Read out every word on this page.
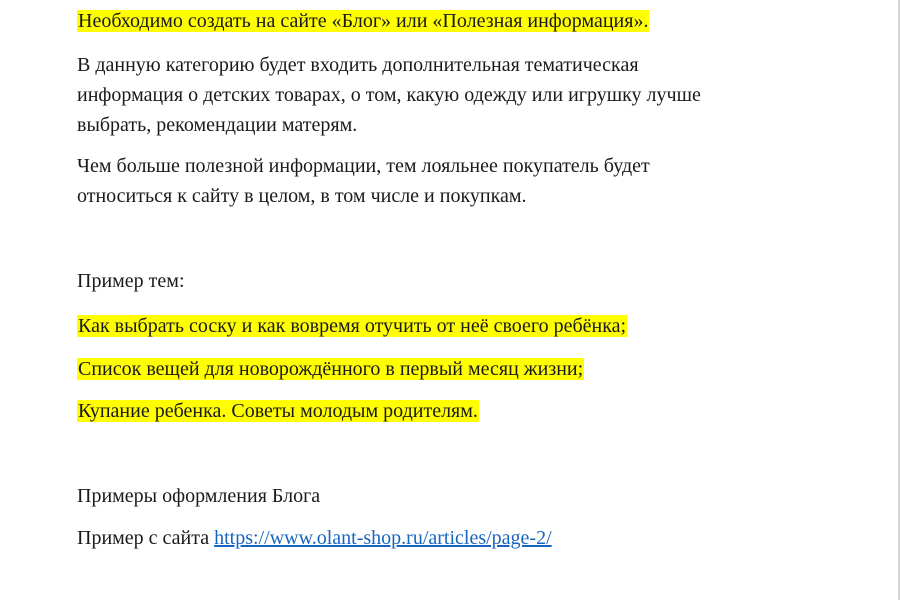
Необходимо создать на сайте «Блог» или «Полезная информация».

В данную категорию будет входить дополнительная тематическая
информация о детских товарах, о том, какую одежду или игрушку лучше
выбрать, рекомендации матерям.

Чем больше полезной информации, тем лояльнее покупатель будет
относиться к сайту в целом, в том числе и покупкам.

Пример тем:

Как выбрать соску и как вовремя отучить от неё своего ребёнка;

Список вещей для новорождённого в первый месяц жизни;

Купание ребенка. Советы молодым родителям.

Примеры оформления Блога

Пример с сайта https://www.olant-shop.ru/articles/page-2/
